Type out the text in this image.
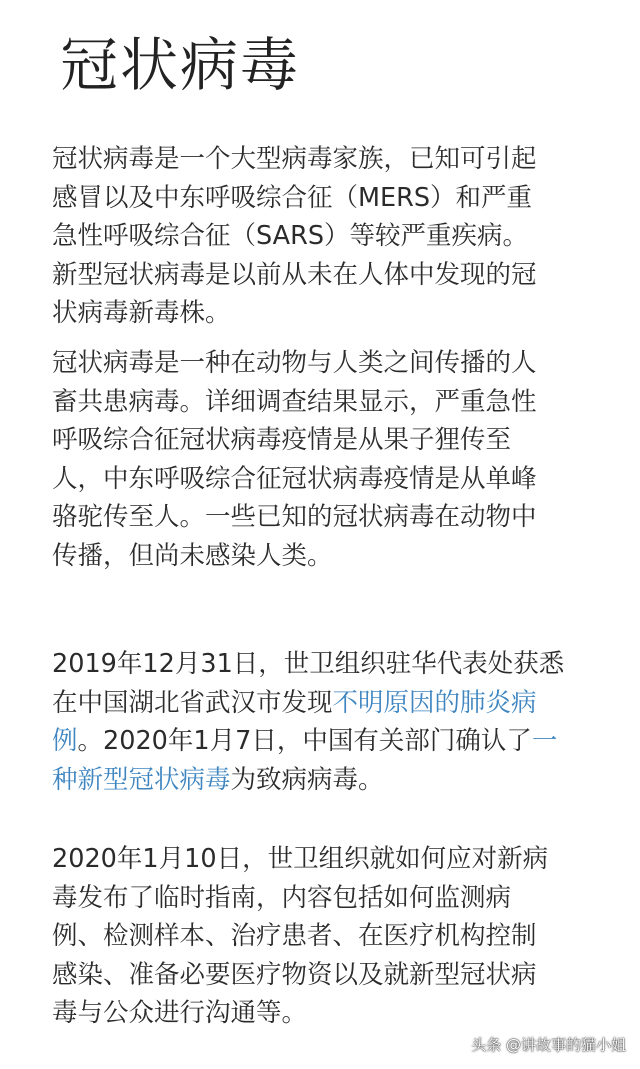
冠状病毒

冠状病毒是一个大型病毒家族，已知可引起
感冒以及中东呼吸综合征（MERS）和严重
急性呼吸综合征（SARS）等较严重疾病。
新型冠状病毒是以前从未在人体中发现的冠
状病毒新毒株。

冠状病毒是一种在动物与人类之间传播的人
畜共患病毒。详细调查结果显示，严重急性
呼吸综合征冠状病毒疫情是从果子狸传至
人，中东呼吸综合征冠状病毒疫情是从单峰
骆驼传至人。一些已知的冠状病毒在动物中
传播，但尚未感染人类。

2019年12月31日，世卫组织驻华代表处获悉
在中国湖北省武汉市发现不明原因的肺炎病
例。2020年1月7日，中国有关部门确认了一
种新型冠状病毒为致病病毒。

2020年1月10日，世卫组织就如何应对新病
毒发布了临时指南，内容包括如何监测病
例、检测样本、治疗患者、在医疗机构控制
感染、准备必要医疗物资以及就新型冠状病
毒与公众进行沟通等。

头条 @讲故事的猫小姐
